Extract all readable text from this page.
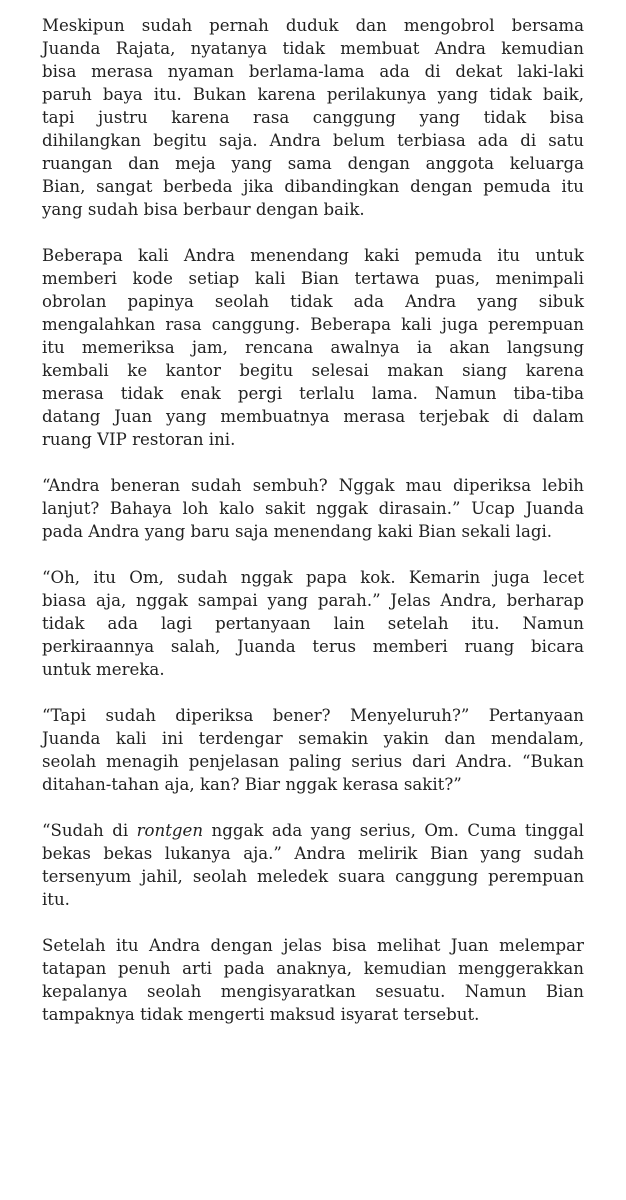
Meskipun sudah pernah duduk dan mengobrol bersama
Juanda Rajata, nyatanya tidak membuat Andra kemudian
bisa merasa nyaman berlama-lama ada di dekat laki-laki
paruh baya itu. Bukan karena perilakunya yang tidak baik,
tapi justru karena rasa canggung yang tidak bisa
dihilangkan begitu saja. Andra belum terbiasa ada di satu
ruangan dan meja yang sama dengan anggota keluarga
Bian, sangat berbeda jika dibandingkan dengan pemuda itu
yang sudah bisa berbaur dengan baik.

Beberapa kali Andra menendang kaki pemuda itu untuk
memberi kode setiap kali Bian tertawa puas, menimpali
obrolan papinya seolah tidak ada Andra yang sibuk
mengalahkan rasa canggung. Beberapa kali juga perempuan
itu memeriksa jam, rencana awalnya ia akan langsung
kembali ke kantor begitu selesai makan siang karena
merasa tidak enak pergi terlalu lama. Namun tiba-tiba
datang Juan yang membuatnya merasa terjebak di dalam
ruang VIP restoran ini.

“Andra beneran sudah sembuh? Nggak mau diperiksa lebih
lanjut? Bahaya loh kalo sakit nggak dirasain.” Ucap Juanda
pada Andra yang baru saja menendang kaki Bian sekali lagi.

“Oh, itu Om, sudah nggak papa kok. Kemarin juga lecet
biasa aja, nggak sampai yang parah.” Jelas Andra, berharap
tidak ada lagi pertanyaan lain setelah itu. Namun
perkiraannya salah, Juanda terus memberi ruang bicara
untuk mereka.

“Tapi sudah diperiksa bener? Menyeluruh?” Pertanyaan
Juanda kali ini terdengar semakin yakin dan mendalam,
seolah menagih penjelasan paling serius dari Andra. “Bukan
ditahan-tahan aja, kan? Biar nggak kerasa sakit?”

“Sudah di rontgen nggak ada yang serius, Om. Cuma tinggal
bekas bekas lukanya aja.” Andra melirik Bian yang sudah
tersenyum jahil, seolah meledek suara canggung perempuan
itu.

Setelah itu Andra dengan jelas bisa melihat Juan melempar
tatapan penuh arti pada anaknya, kemudian menggerakkan
kepalanya seolah mengisyaratkan sesuatu. Namun Bian
tampaknya tidak mengerti maksud isyarat tersebut.
